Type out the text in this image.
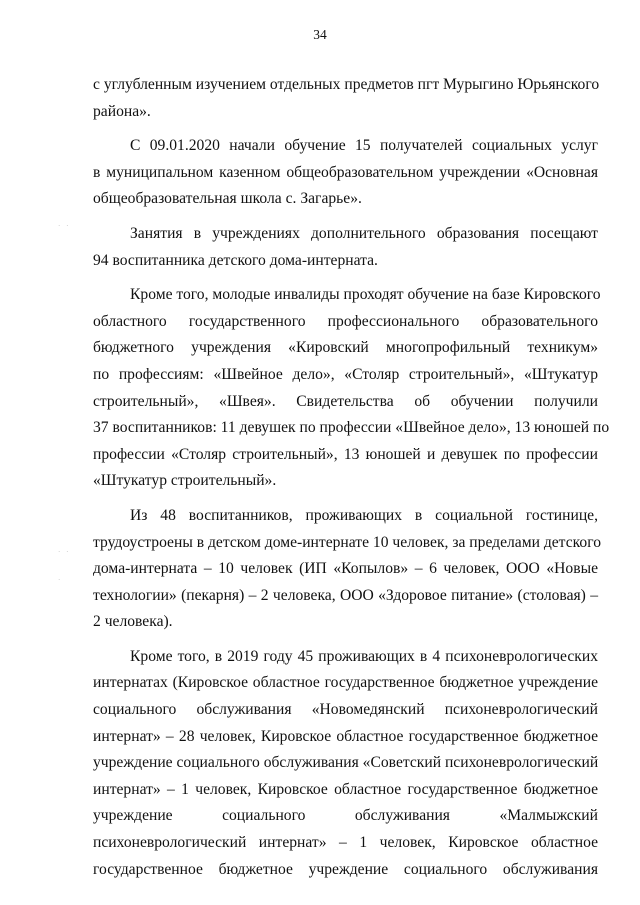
34
· ·
· ·
·

с углубленным изучением отдельных предметов пгт Мурыгино Юрьянского
района».

С 09.01.2020 начали обучение 15 получателей социальных услуг
в муниципальном казенном общеобразовательном учреждении «Основная
общеобразовательная школа с. Загарье».

Занятия в учреждениях дополнительного образования посещают
94 воспитанника детского дома-интерната.

Кроме того, молодые инвалиды проходят обучение на базе Кировского
областного государственного профессионального образовательного
бюджетного учреждения «Кировский многопрофильный техникум»
по профессиям: «Швейное дело», «Столяр строительный», «Штукатур
строительный», «Швея». Свидетельства об обучении получили
37 воспитанников: 11 девушек по профессии «Швейное дело», 13 юношей по
профессии «Столяр строительный», 13 юношей и девушек по профессии
«Штукатур строительный».

Из 48 воспитанников, проживающих в социальной гостинице,
трудоустроены в детском доме-интернате 10 человек, за пределами детского
дома-интерната – 10 человек (ИП «Копылов» – 6 человек, ООО «Новые
технологии» (пекарня) – 2 человека, ООО «Здоровое питание» (столовая) –
2 человека).

Кроме того, в 2019 году 45 проживающих в 4 психоневрологических
интернатах (Кировское областное государственное бюджетное учреждение
социального обслуживания «Новомедянский психоневрологический
интернат» – 28 человек, Кировское областное государственное бюджетное
учреждение социального обслуживания «Советский психоневрологический
интернат» – 1 человек, Кировское областное государственное бюджетное
учреждение социального обслуживания «Малмыжский
психоневрологический интернат» – 1 человек, Кировское областное
государственное бюджетное учреждение социального обслуживания
